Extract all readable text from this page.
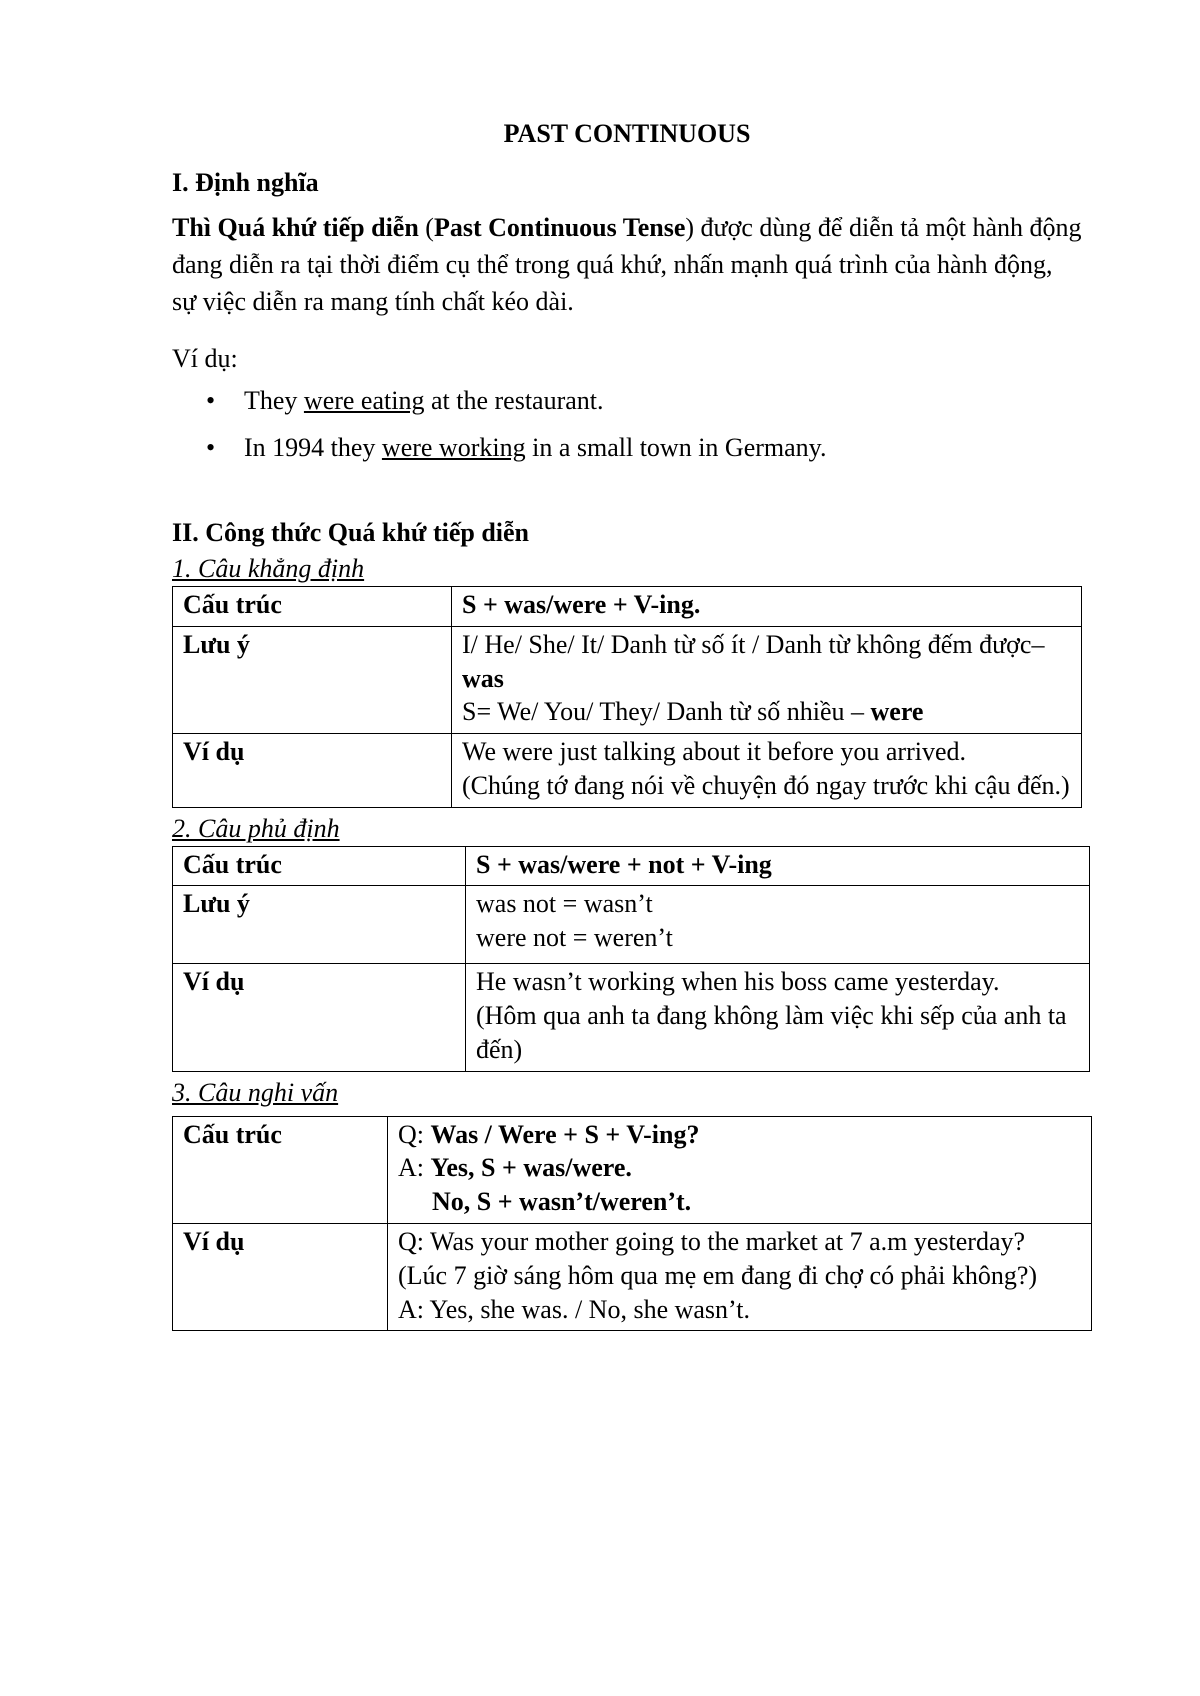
PAST CONTINUOUS
I. Định nghĩa

Thì Quá khứ tiếp diễn (Past Continuous Tense) được dùng để diễn tả một hành động đang diễn ra tại thời điểm cụ thể trong quá khứ, nhấn mạnh quá trình của hành động, sự việc diễn ra mang tính chất kéo dài.

Ví dụ:

• They were eating at the restaurant.
• In 1994 they were working in a small town in Germany.
II. Công thức Quá khứ tiếp diễn

1. Câu khẳng định

Cấu trúc	S + was/were + V-ing.
Lưu ý	I/ He/ She/ It/ Danh từ số ít / Danh từ không đếm được– was
S= We/ You/ They/ Danh từ số nhiều – were

Ví dụ	We were just talking about it before you arrived.
(Chúng tớ đang nói về chuyện đó ngay trước khi cậu đến.)

2. Câu phủ định

Cấu trúc	S + was/were + not + V-ing
Lưu ý	was not = wasn’t
were not = weren’t

Ví dụ	He wasn’t working when his boss came yesterday.
(Hôm qua anh ta đang không làm việc khi sếp của anh ta đến)

3. Câu nghi vấn

Cấu trúc	Q: Was / Were + S + V-ing?
A: Yes, S + was/were.
No, S + wasn’t/weren’t.

Ví dụ	Q: Was your mother going to the market at 7 a.m yesterday?
(Lúc 7 giờ sáng hôm qua mẹ em đang đi chợ có phải không?)
A: Yes, she was. / No, she wasn’t.
